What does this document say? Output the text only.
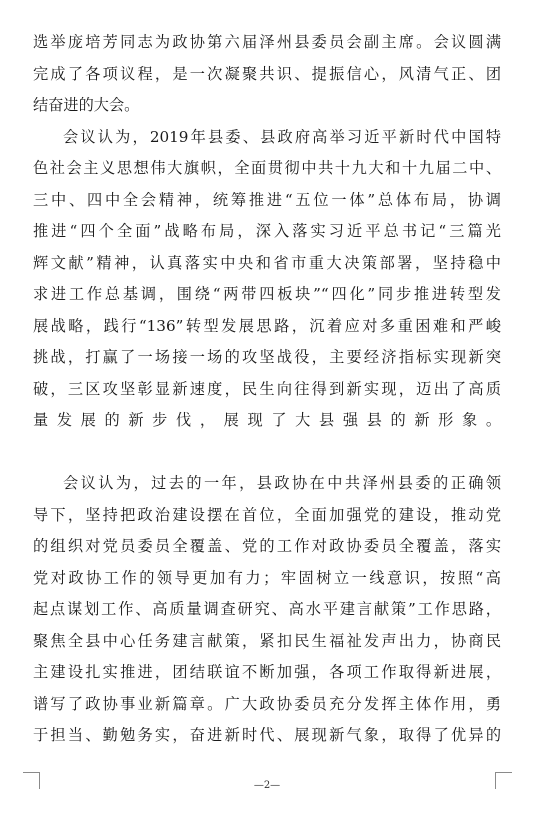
选举庞培芳同志为政协第六届泽州县委员会副主席。会议圆满
完成了各项议程，是一次凝聚共识、提振信心，风清气正、团
结奋进的大会。
会议认为，2019年县委、县政府高举习近平新时代中国特
色社会主义思想伟大旗帜，全面贯彻中共十九大和十九届二中、
三中、四中全会精神，统筹推进“五位一体”总体布局，协调
推进“四个全面”战略布局，深入落实习近平总书记“三篇光
辉文献”精神，认真落实中央和省市重大决策部署，坚持稳中
求进工作总基调，围绕“两带四板块”“四化”同步推进转型发
展战略，践行“136”转型发展思路，沉着应对多重困难和严峻
挑战，打赢了一场接一场的攻坚战役，主要经济指标实现新突
破，三区攻坚彰显新速度，民生向往得到新实现，迈出了高质
量发展的新步伐，展现了大县强县的新形象。
会议认为，过去的一年，县政协在中共泽州县委的正确领
导下，坚持把政治建设摆在首位，全面加强党的建设，推动党
的组织对党员委员全覆盖、党的工作对政协委员全覆盖，落实
党对政协工作的领导更加有力；牢固树立一线意识，按照“高
起点谋划工作、高质量调查研究、高水平建言献策”工作思路，
聚焦全县中心任务建言献策，紧扣民生福祉发声出力，协商民
主建设扎实推进，团结联谊不断加强，各项工作取得新进展，
谱写了政协事业新篇章。广大政协委员充分发挥主体作用，勇
于担当、勤勉务实，奋进新时代、展现新气象，取得了优异的
—2—
